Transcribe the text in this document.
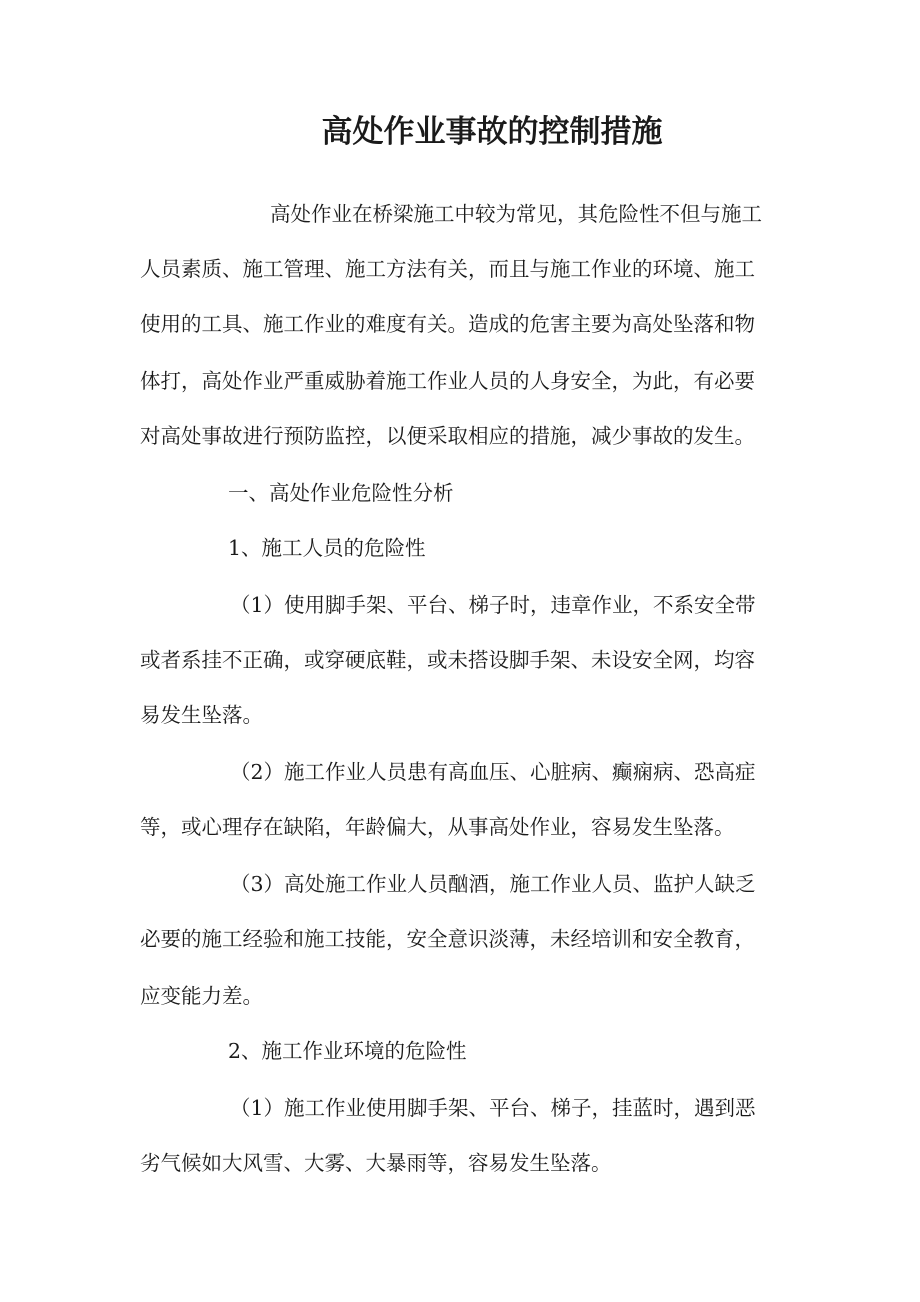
高处作业事故的控制措施
高处作业在桥梁施工中较为常见，其危险性不但与施工
人员素质、施工管理、施工方法有关，而且与施工作业的环境、施工
使用的工具、施工作业的难度有关。造成的危害主要为高处坠落和物
体打，高处作业严重威胁着施工作业人员的人身安全，为此，有必要
对高处事故进行预防监控，以便采取相应的措施，减少事故的发生。
一、高处作业危险性分析
1、施工人员的危险性
（1）使用脚手架、平台、梯子时，违章作业，不系安全带
或者系挂不正确，或穿硬底鞋，或未搭设脚手架、未设安全网，均容
易发生坠落。
（2）施工作业人员患有高血压、心脏病、癫痫病、恐高症
等，或心理存在缺陷，年龄偏大，从事高处作业，容易发生坠落。
（3）高处施工作业人员酗酒，施工作业人员、监护人缺乏
必要的施工经验和施工技能，安全意识淡薄，未经培训和安全教育，
应变能力差。
2、施工作业环境的危险性
（1）施工作业使用脚手架、平台、梯子，挂蓝时，遇到恶
劣气候如大风雪、大雾、大暴雨等，容易发生坠落。
